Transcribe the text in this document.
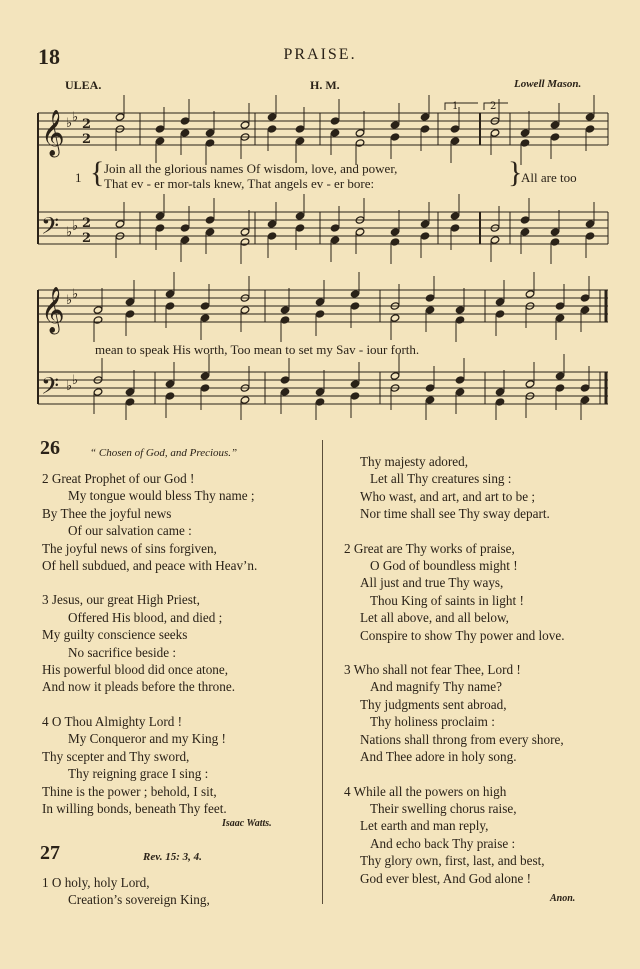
18	PRAISE.
ULEA.	H. M.	Lowell Mason.
𝄞
𝄢
𝄞
𝄢
♭ ♭
♭ ♭
♭ ♭
♭ ♭
2
2
2
2
1	2
1 { Join all the glorious names Of wisdom, love, and power,
That ev - er mor-tals knew, That angels ev - er bore:	}
All are too
mean to speak His worth, Too mean to set my Sav - iour forth.
26	“ Chosen of God, and Precious.”
2 Great Prophet of our God !
My tongue would bless Thy name ;
By Thee the joyful news
Of our salvation came :
The joyful news of sins forgiven,
Of hell subdued, and peace with Heav’n.
3 Jesus, our great High Priest,
Offered His blood, and died ;
My guilty conscience seeks
No sacrifice beside :
His powerful blood did once atone,
And now it pleads before the throne.
4 O Thou Almighty Lord !
My Conqueror and my King !
Thy scepter and Thy sword,
Thy reigning grace I sing :
Thine is the power ; behold, I sit,
In willing bonds, beneath Thy feet.
Isaac Watts.
27	Rev. 15: 3, 4.
1 O holy, holy Lord,
Creation’s sovereign King,
Thy majesty adored,
Let all Thy creatures sing :
Who wast, and art, and art to be ;
Nor time shall see Thy sway depart.
2 Great are Thy works of praise,
O God of boundless might !
All just and true Thy ways,
Thou King of saints in light !
Let all above, and all below,
Conspire to show Thy power and love.
3 Who shall not fear Thee, Lord !
And magnify Thy name?
Thy judgments sent abroad,
Thy holiness proclaim :
Nations shall throng from every shore,
And Thee adore in holy song.
4 While all the powers on high
Their swelling chorus raise,
Let earth and man reply,
And echo back Thy praise :
Thy glory own, first, last, and best,
God ever blest, And God alone !
Anon.
